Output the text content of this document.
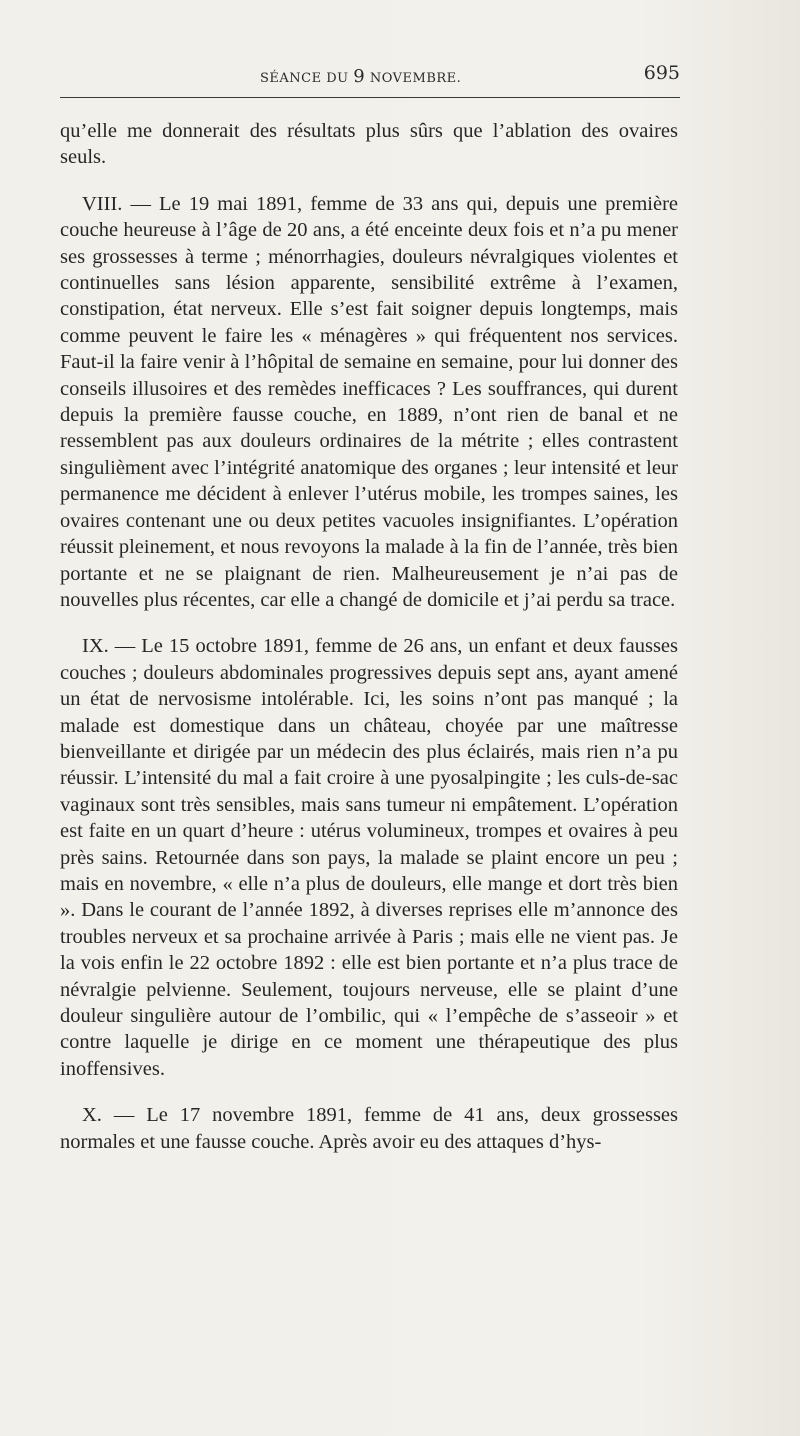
SÉANCE DU 9 NOVEMBRE.	695

qu’elle me donnerait des résultats plus sûrs que l’ablation des ovaires seuls.

VIII. — Le 19 mai 1891, femme de 33 ans qui, depuis une première couche heureuse à l’âge de 20 ans, a été enceinte deux fois et n’a pu mener ses grossesses à terme ; ménorrhagies, douleurs névralgiques violentes et continuelles sans lésion apparente, sensibilité extrême à l’examen, constipation, état nerveux. Elle s’est fait soigner depuis longtemps, mais comme peuvent le faire les « ménagères » qui fréquentent nos services. Faut-il la faire venir à l’hôpital de semaine en semaine, pour lui donner des conseils illusoires et des remèdes inefficaces ? Les souffrances, qui durent depuis la première fausse couche, en 1889, n’ont rien de banal et ne ressemblent pas aux douleurs ordinaires de la métrite ; elles contrastent singulièment avec l’intégrité anatomique des organes ; leur intensité et leur permanence me décident à enlever l’utérus mobile, les trompes saines, les ovaires contenant une ou deux petites vacuoles insignifiantes. L’opération réussit pleinement, et nous revoyons la malade à la fin de l’année, très bien portante et ne se plaignant de rien. Malheureusement je n’ai pas de nouvelles plus récentes, car elle a changé de domicile et j’ai perdu sa trace.

IX. — Le 15 octobre 1891, femme de 26 ans, un enfant et deux fausses couches ; douleurs abdominales progressives depuis sept ans, ayant amené un état de nervosisme intolérable. Ici, les soins n’ont pas manqué ; la malade est domestique dans un château, choyée par une maîtresse bienveillante et dirigée par un médecin des plus éclairés, mais rien n’a pu réussir. L’intensité du mal a fait croire à une pyosalpingite ; les culs-de-sac vaginaux sont très sensibles, mais sans tumeur ni empâtement. L’opération est faite en un quart d’heure : utérus volumineux, trompes et ovaires à peu près sains. Retournée dans son pays, la malade se plaint encore un peu ; mais en novembre, « elle n’a plus de douleurs, elle mange et dort très bien ». Dans le courant de l’année 1892, à diverses reprises elle m’annonce des troubles nerveux et sa prochaine arrivée à Paris ; mais elle ne vient pas. Je la vois enfin le 22 octobre 1892 : elle est bien portante et n’a plus trace de névralgie pelvienne. Seulement, toujours nerveuse, elle se plaint d’une douleur singulière autour de l’ombilic, qui « l’empêche de s’asseoir » et contre laquelle je dirige en ce moment une thérapeutique des plus inoffensives.

X. — Le 17 novembre 1891, femme de 41 ans, deux grossesses normales et une fausse couche. Après avoir eu des attaques d’hys-
